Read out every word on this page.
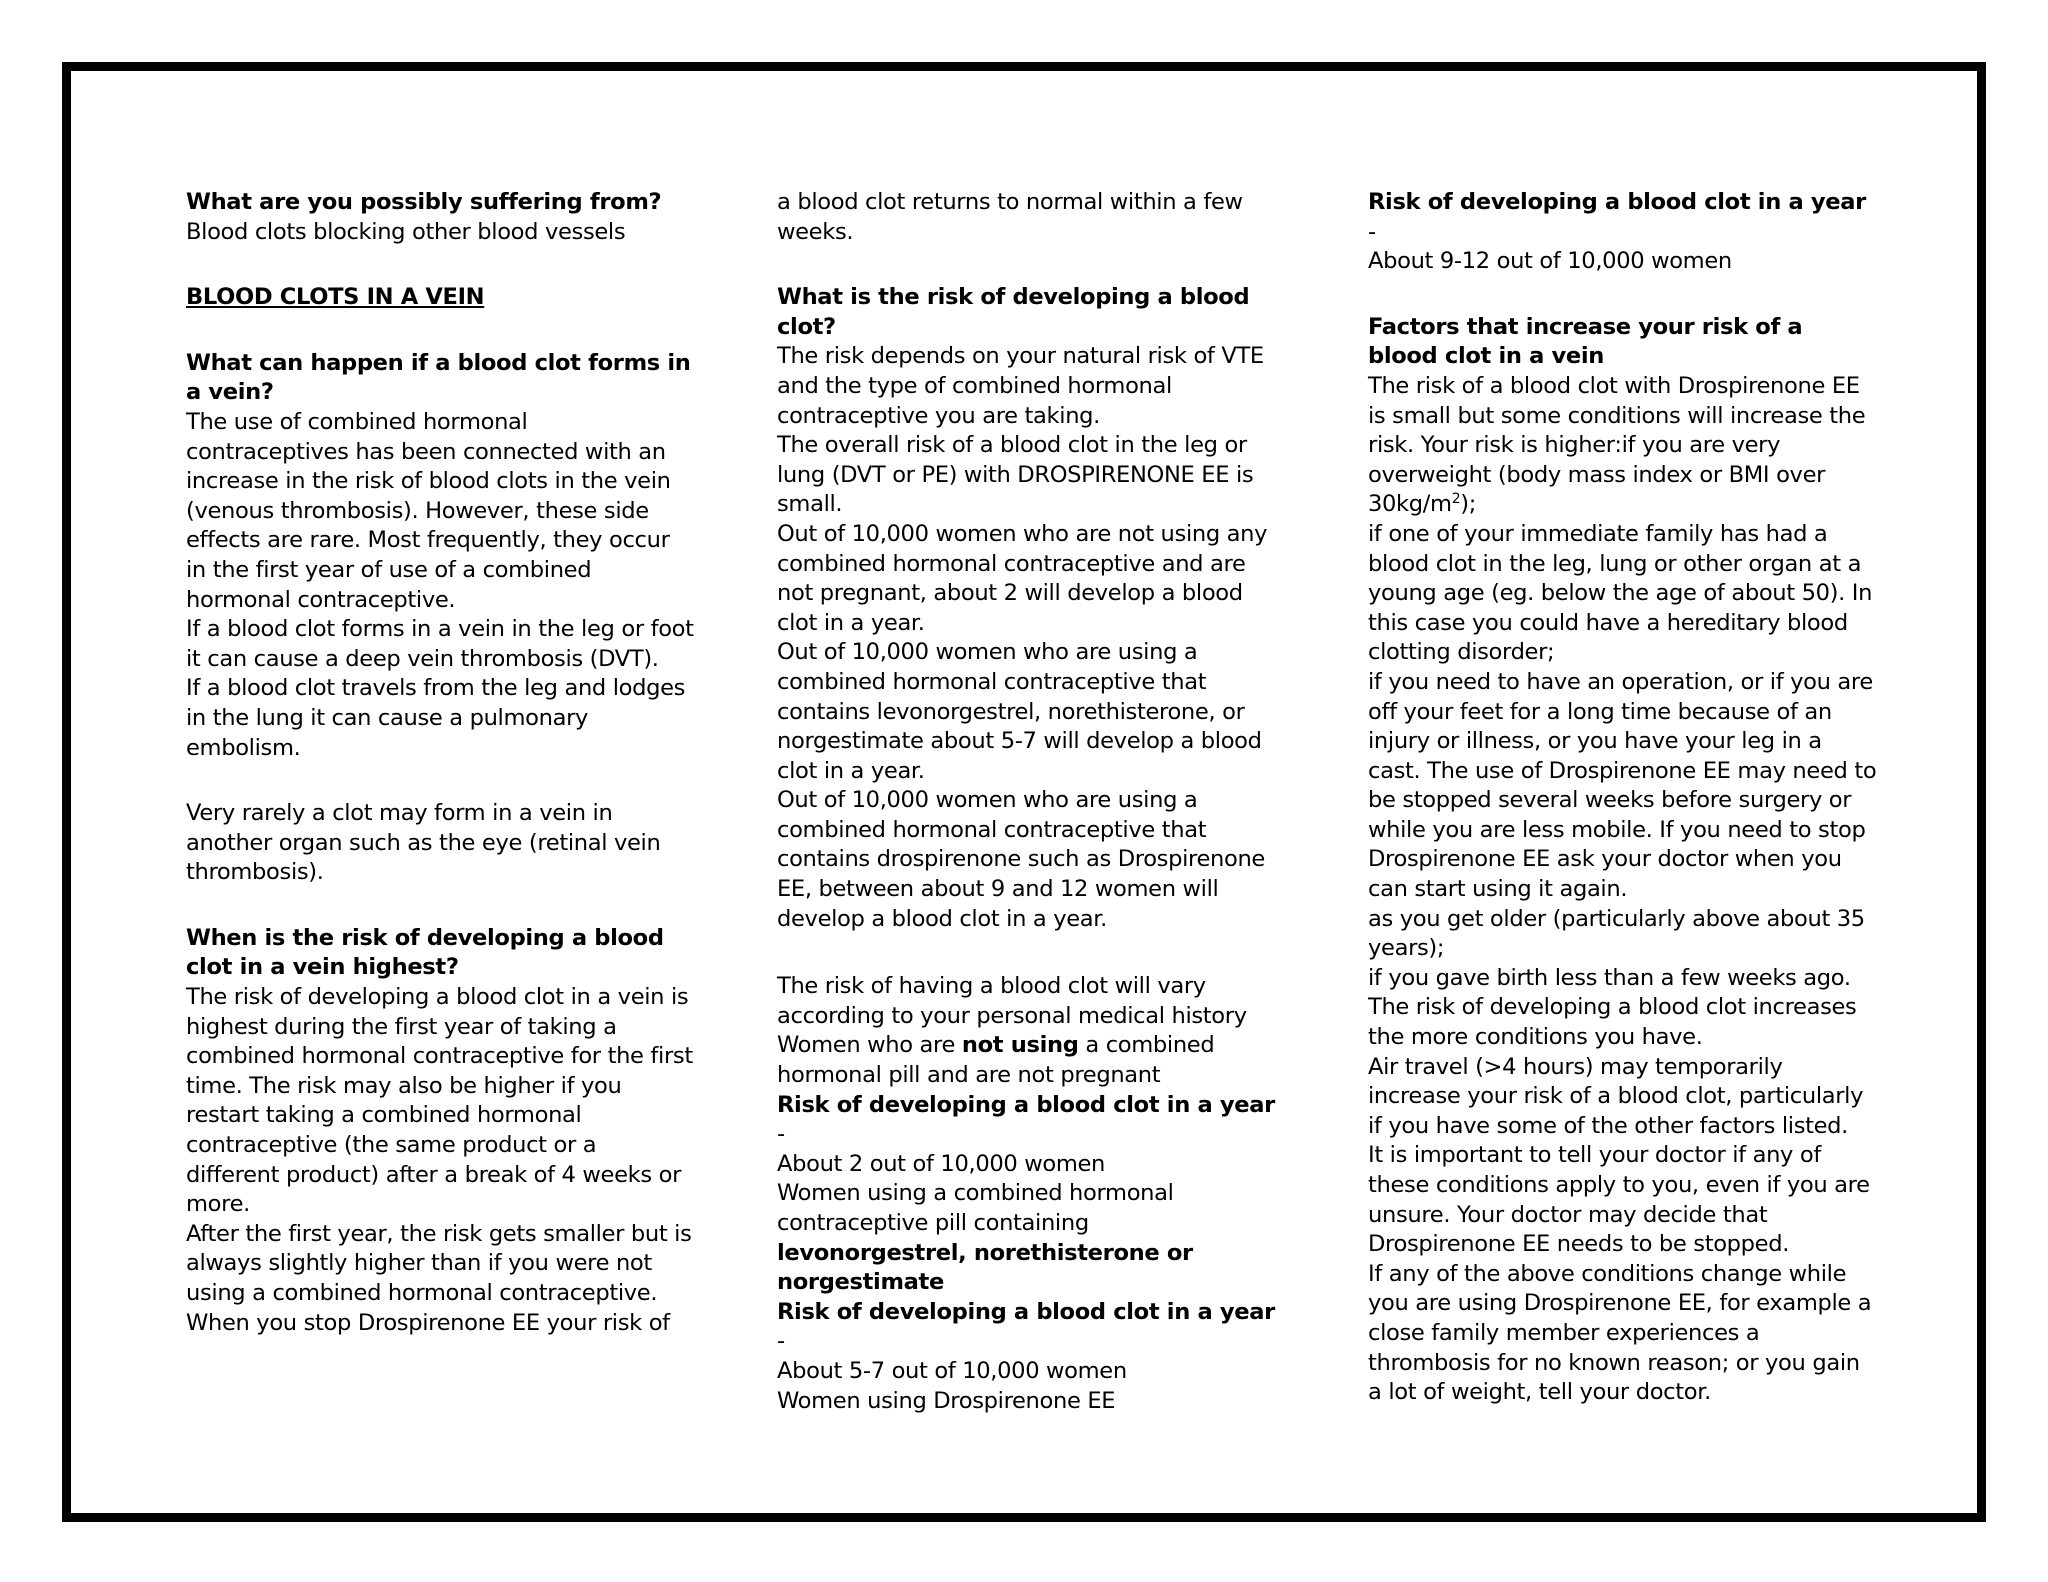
What are you possibly suffering from?

Blood clots blocking other blood vessels

BLOOD CLOTS IN A VEIN

What can happen if a blood clot forms in a vein?

The use of combined hormonal contraceptives has been connected with an increase in the risk of blood clots in the vein (venous thrombosis). However, these side effects are rare. Most frequently, they occur in the first year of use of a combined hormonal contraceptive.

If a blood clot forms in a vein in the leg or foot it can cause a deep vein thrombosis (DVT).

If a blood clot travels from the leg and lodges in the lung it can cause a pulmonary embolism.

Very rarely a clot may form in a vein in another organ such as the eye (retinal vein thrombosis).

When is the risk of developing a blood clot in a vein highest?

The risk of developing a blood clot in a vein is highest during the first year of taking a combined hormonal contraceptive for the first time. The risk may also be higher if you restart taking a combined hormonal contraceptive (the same product or a different product) after a break of 4 weeks or more.

After the first year, the risk gets smaller but is always slightly higher than if you were not using a combined hormonal contraceptive.

When you stop Drospirenone EE your risk of

a blood clot returns to normal within a few weeks.

What is the risk of developing a blood clot?

The risk depends on your natural risk of VTE and the type of combined hormonal contraceptive you are taking.

The overall risk of a blood clot in the leg or lung (DVT or PE) with DROSPIRENONE EE is small.

Out of 10,000 women who are not using any combined hormonal contraceptive and are not pregnant, about 2 will develop a blood clot in a year.

Out of 10,000 women who are using a combined hormonal contraceptive that contains levonorgestrel, norethisterone, or norgestimate about 5-7 will develop a blood clot in a year.

Out of 10,000 women who are using a combined hormonal contraceptive that contains drospirenone such as Drospirenone EE, between about 9 and 12 women will develop a blood clot in a year.

The risk of having a blood clot will vary according to your personal medical history

Women who are not using a combined hormonal pill and are not pregnant

Risk of developing a blood clot in a year -

About 2 out of 10,000 women

Women using a combined hormonal contraceptive pill containing

levonorgestrel, norethisterone or norgestimate

Risk of developing a blood clot in a year -

About 5-7 out of 10,000 women

Women using Drospirenone EE

Risk of developing a blood clot in a year -

About 9-12 out of 10,000 women

Factors that increase your risk of a blood clot in a vein

The risk of a blood clot with Drospirenone EE is small but some conditions will increase the risk. Your risk is higher:if you are very overweight (body mass index or BMI over $30kg/m^2$);

if one of your immediate family has had a blood clot in the leg, lung or other organ at a young age (eg. below the age of about 50). In this case you could have a hereditary blood clotting disorder;

if you need to have an operation, or if you are off your feet for a long time because of an injury or illness, or you have your leg in a cast. The use of Drospirenone EE may need to be stopped several weeks before surgery or while you are less mobile. If you need to stop Drospirenone EE ask your doctor when you can start using it again.

as you get older (particularly above about 35 years);

if you gave birth less than a few weeks ago.

The risk of developing a blood clot increases the more conditions you have.

Air travel (>4 hours) may temporarily increase your risk of a blood clot, particularly if you have some of the other factors listed.

It is important to tell your doctor if any of these conditions apply to you, even if you are unsure. Your doctor may decide that Drospirenone EE needs to be stopped.

If any of the above conditions change while you are using Drospirenone EE, for example a close family member experiences a thrombosis for no known reason; or you gain a lot of weight, tell your doctor.
